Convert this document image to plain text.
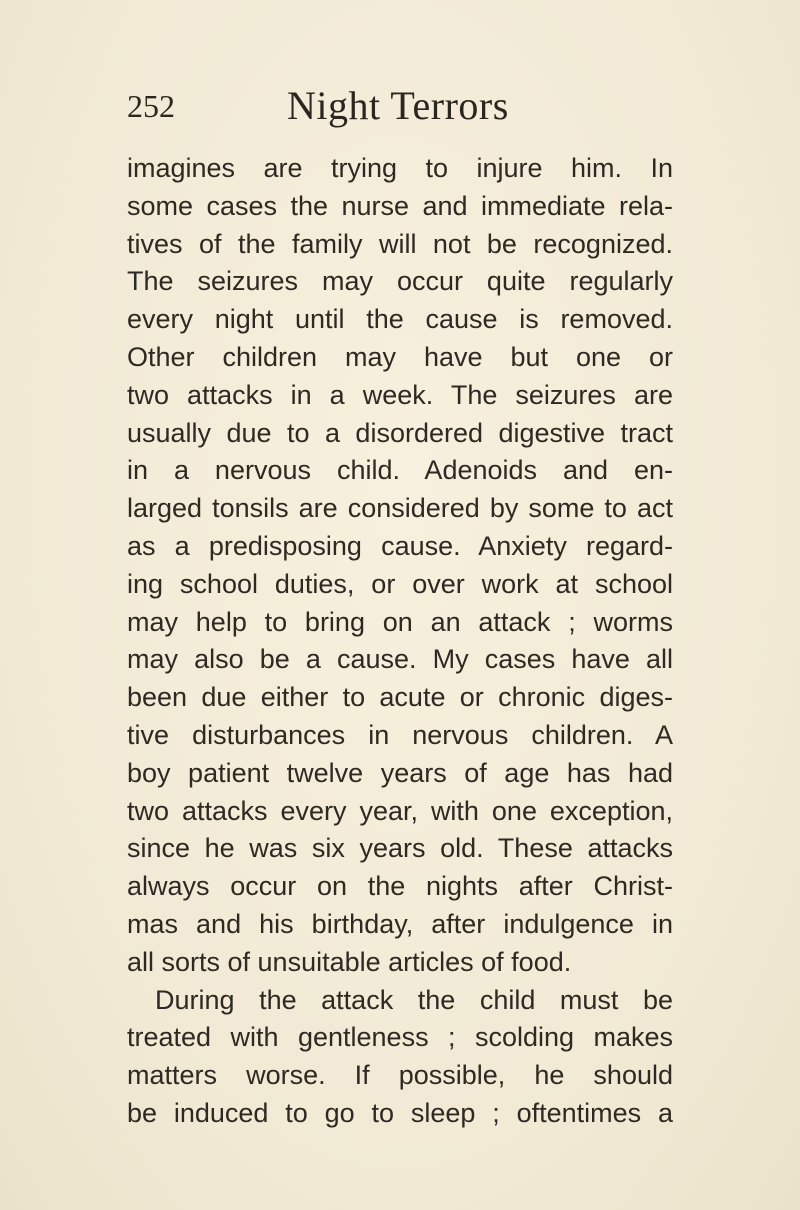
252	Night Terrors
imagines are trying to injure him. In
some cases the nurse and immediate rela-
tives of the family will not be recognized.
The seizures may occur quite regularly
every night until the cause is removed.
Other children may have but one or
two attacks in a week. The seizures are
usually due to a disordered digestive tract
in a nervous child. Adenoids and en-
larged tonsils are considered by some to act
as a predisposing cause. Anxiety regard-
ing school duties, or over work at school
may help to bring on an attack ; worms
may also be a cause. My cases have all
been due either to acute or chronic diges-
tive disturbances in nervous children. A
boy patient twelve years of age has had
two attacks every year, with one exception,
since he was six years old. These attacks
always occur on the nights after Christ-
mas and his birthday, after indulgence in
all sorts of unsuitable articles of food.
During the attack the child must be
treated with gentleness ; scolding makes
matters worse. If possible, he should
be induced to go to sleep ; oftentimes a
